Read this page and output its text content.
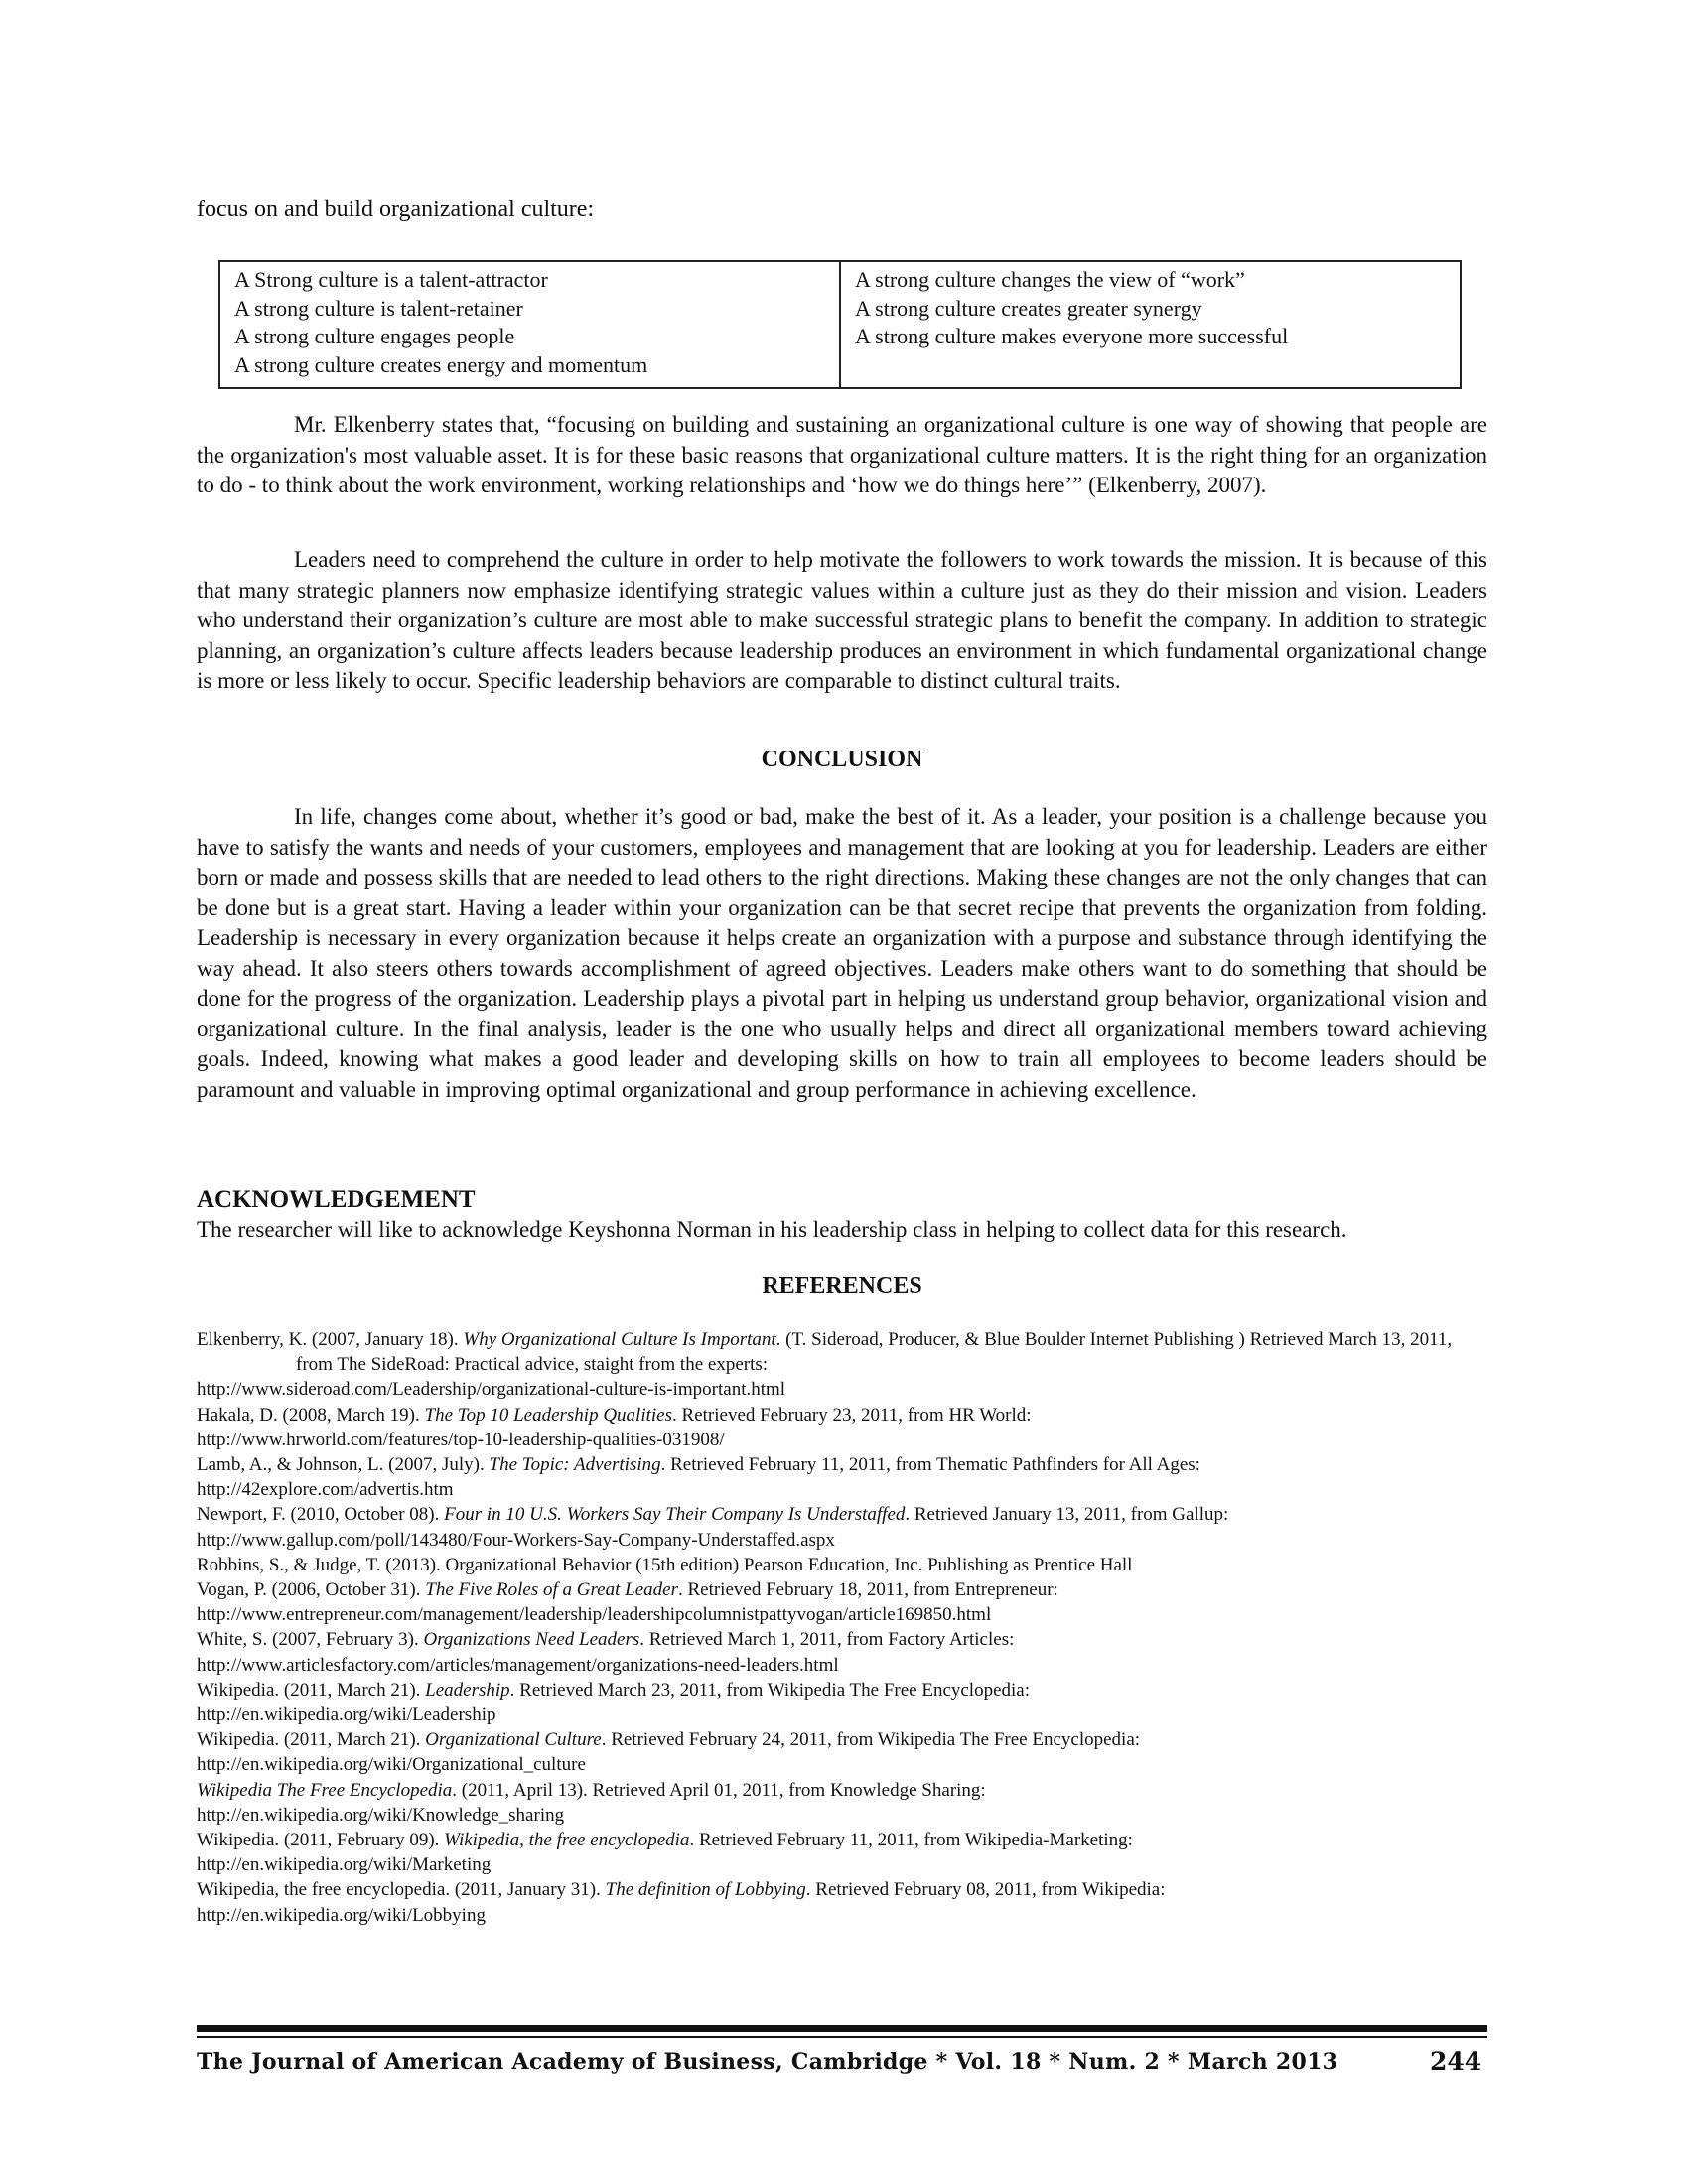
focus on and build organizational culture:
A Strong culture is a talent-attractor
A strong culture is talent-retainer
A strong culture engages people
A strong culture creates energy and momentum
A strong culture changes the view of “work”
A strong culture creates greater synergy
A strong culture makes everyone more successful

Mr. Elkenberry states that, “focusing on building and sustaining an organizational culture is one way of showing that people are the organization's most valuable asset. It is for these basic reasons that organizational culture matters. It is the right thing for an organization to do - to think about the work environment, working relationships and ‘how we do things here’” (Elkenberry, 2007).

Leaders need to comprehend the culture in order to help motivate the followers to work towards the mission. It is because of this that many strategic planners now emphasize identifying strategic values within a culture just as they do their mission and vision. Leaders who understand their organization’s culture are most able to make successful strategic plans to benefit the company. In addition to strategic planning, an organization’s culture affects leaders because leadership produces an environment in which fundamental organizational change is more or less likely to occur. Specific leadership behaviors are comparable to distinct cultural traits.

CONCLUSION

In life, changes come about, whether it’s good or bad, make the best of it. As a leader, your position is a challenge because you have to satisfy the wants and needs of your customers, employees and management that are looking at you for leadership. Leaders are either born or made and possess skills that are needed to lead others to the right directions. Making these changes are not the only changes that can be done but is a great start. Having a leader within your organization can be that secret recipe that prevents the organization from folding. Leadership is necessary in every organization because it helps create an organization with a purpose and substance through identifying the way ahead. It also steers others towards accomplishment of agreed objectives. Leaders make others want to do something that should be done for the progress of the organization. Leadership plays a pivotal part in helping us understand group behavior, organizational vision and organizational culture. In the final analysis, leader is the one who usually helps and direct all organizational members toward achieving goals. Indeed, knowing what makes a good leader and developing skills on how to train all employees to become leaders should be paramount and valuable in improving optimal organizational and group performance in achieving excellence.

ACKNOWLEDGEMENT
The researcher will like to acknowledge Keyshonna Norman in his leadership class in helping to collect data for this research.
REFERENCES
Elkenberry, K. (2007, January 18). Why Organizational Culture Is Important. (T. Sideroad, Producer, & Blue Boulder Internet Publishing ) Retrieved March 13, 2011, from The SideRoad: Practical advice, staight from the experts:
http://www.sideroad.com/Leadership/organizational-culture-is-important.html
Hakala, D. (2008, March 19). The Top 10 Leadership Qualities. Retrieved February 23, 2011, from HR World:
http://www.hrworld.com/features/top-10-leadership-qualities-031908/
Lamb, A., & Johnson, L. (2007, July). The Topic: Advertising. Retrieved February 11, 2011, from Thematic Pathfinders for All Ages:
http://42explore.com/advertis.htm
Newport, F. (2010, October 08). Four in 10 U.S. Workers Say Their Company Is Understaffed. Retrieved January 13, 2011, from Gallup:
http://www.gallup.com/poll/143480/Four-Workers-Say-Company-Understaffed.aspx
Robbins, S., & Judge, T. (2013). Organizational Behavior (15th edition) Pearson Education, Inc. Publishing as Prentice Hall
Vogan, P. (2006, October 31). The Five Roles of a Great Leader. Retrieved February 18, 2011, from Entrepreneur:
http://www.entrepreneur.com/management/leadership/leadershipcolumnistpattyvogan/article169850.html
White, S. (2007, February 3). Organizations Need Leaders. Retrieved March 1, 2011, from Factory Articles:
http://www.articlesfactory.com/articles/management/organizations-need-leaders.html
Wikipedia. (2011, March 21). Leadership. Retrieved March 23, 2011, from Wikipedia The Free Encyclopedia:
http://en.wikipedia.org/wiki/Leadership
Wikipedia. (2011, March 21). Organizational Culture. Retrieved February 24, 2011, from Wikipedia The Free Encyclopedia:
http://en.wikipedia.org/wiki/Organizational_culture
Wikipedia The Free Encyclopedia. (2011, April 13). Retrieved April 01, 2011, from Knowledge Sharing:
http://en.wikipedia.org/wiki/Knowledge_sharing
Wikipedia. (2011, February 09). Wikipedia, the free encyclopedia. Retrieved February 11, 2011, from Wikipedia-Marketing:
http://en.wikipedia.org/wiki/Marketing
Wikipedia, the free encyclopedia. (2011, January 31). The definition of Lobbying. Retrieved February 08, 2011, from Wikipedia:
http://en.wikipedia.org/wiki/Lobbying
The Journal of American Academy of Business, Cambridge * Vol. 18 * Num. 2 * March 2013	244
